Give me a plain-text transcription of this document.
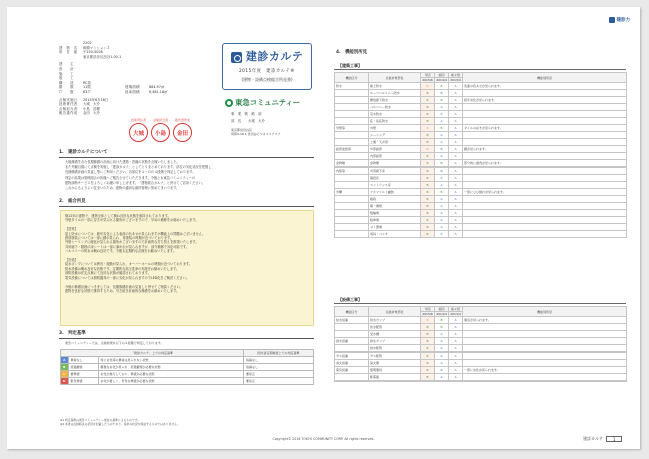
建診力
2202
建　物　名	和順マンション２
所　在　地	〒150-0028
東京都渋谷区渋谷1-00-1
建　　主
設　　計
施　　工
竣　　工
構　　造	RC造
階　　数	11階	建築面積	864.97㎡
戸　　数	63戸	延床面積	6,481.18㎡
点検実施日	2015年6月16日
技術責任者	大城　大介
点検担当者	小島　浩樹
報告書作成	金田　大介
技術責任者	点検担当者	報告書作成
大城	小島	金田
建診カルテ
2015年度　建診カルテ®
(建物・設備点検総合所見書)
東急コミュニティー
事　業　戦　略　部
部　長　　大城　大介
東京都世田谷区
用賀4-10-1 世田谷ビジネススクエア
1.　建診カルテについて
大規修繕を含む長期修繕の計画に向けた建物・設備の状態を点検いたしました。
また外観目視にて点検を実施し「建診カルテ」としてとりまとめております。部位の劣化状況を把握し、
長期修繕計画の見直し等にご利用ください。各部位をＡ～Ｄの４段階で判定しております。
判定の結果は管理組合の皆様へご報告させていただきます。今後とも東急コミュニティーの
建物診断サービスをよろしくお願い申し上げます。「建物総合カルテ」と併せてご活用ください。
これからもよりよい住まいのため、建物の適切な維持管理に努めてまいります。
2.　総合所見
築12年の建物で、建物全体として概ね良好な状態を維持されております。
外壁タイルの一部に浮きが見られる箇所がございますので、早めの補修をお勧めいたします。

【建築】
屋上防水については、経年劣化による表面の色あせが見られますが機能上の問題はございません。
鉄部塗装については一部に錆が見られ、再塗装の時期が近づいております。
外壁シーリングに硬化が見られる箇所がございますので計画的な打ち替えを推奨いたします。
共用廊下・階段の床シートは一部に剥がれが見られますが、部分補修で対応可能です。
バルコニーの防水は概ね良好です。今後も定期的な点検をお勧めいたします。

【設備】
給水ポンプについては異音・振動が見られ、オーバーホールの時期が近づいております。
排水設備は概ね良好な状態です。定期的な高圧洗浄の実施をお勧めいたします。
消防設備は法定点検にて良好な状態が確認されております。
電気設備については照明器具の一部に劣化が見られますのでLED化をご検討ください。

今後の修繕計画につきましては、長期修繕計画の見直しと併せてご相談ください。
建物を良好な状態で維持するため、引き続き計画的な修繕をお勧めいたします。
3.　判定基準
東急コミュニティーでは、点検結果を以下の４段階で判定しております。
「建診カルテ」上での判定基準			国交省定期検査上での判定基準
A	異常なし	特に劣化等の異常は見られない状態	指摘なし
B	経過観察	軽微な劣化が見られ、経過観察が必要な状態	指摘なし
C	要修繕	劣化が進行しており、修繕が必要な状態	要是正
D	緊急修繕	劣化が著しく、早急な修繕が必要な状態	要是正
※1 判定基準は東急コミュニティー独自の基準によるものです。
※2 本書は点検時点の状況を記載したものであり、将来の状況を保証するものではありません。
4.　機能別所見
【建築工事】
機能区分	点検対象部位	今回	前回	前々回	機能別所見
		2015/6	2014/4	2013/4	
防水	屋上防水	C	B	A	表面の色あせが見られます。
	ルーフバルコニー防水	B	B	A	
	開放廊下防水	B	B	A	経年劣化が見られます。
	バルコニー防水	B	A	A	
	笠木防水	B	A	A	
	庇・窓庇防水	B	A	A	
外壁等	外壁	C	B	A	タイルの浮きが見られます。
	シーリング	B	A	A	
	上裏・天井部	B	A	A	
鉄部塗装等	外部鉄部	C	B	A	錆が見られます。
	内部鉄部	B	A	A	
金物類	金物類	B	B	A	部分的に腐食が見られます。

内装等	共用廊下床	B	B	A	
	階段床	B	A	A	
	エントランス床	B	A	A	
外構	アスファルト舗装	B	B	A	一部にひび割れが見られます。
	植栽	B	A	A	
	塀・擁壁	B	A	A	
	駐輪場	B	A	A	
	駐車場	B	A	A	
	ゴミ置場	B	A	A	
	遊具・ベンチ	B	A	A	
【設備工事】
機能区分	点検対象部位	今回	前回	前々回	機能別所見
		2015/6	2014/4	2013/4	
給水設備	給水ポンプ	C	B	A	異音が見られます。
	給水配管	B	B	A	
	受水槽	B	A	A	
排水設備	排水ポンプ	B	A	A	
	排水配管	B	A	A	

ガス設備	ガス配管	B	A	A	
消火設備	消火器	B	A	A	
電気設備	照明器具	B	B	A	一部に劣化が見られます。
	配電盤	B	A	A	

Copyright© 2016 TOKYU COMMUNITY CORP. All rights reserved.	建診カルテ	1
